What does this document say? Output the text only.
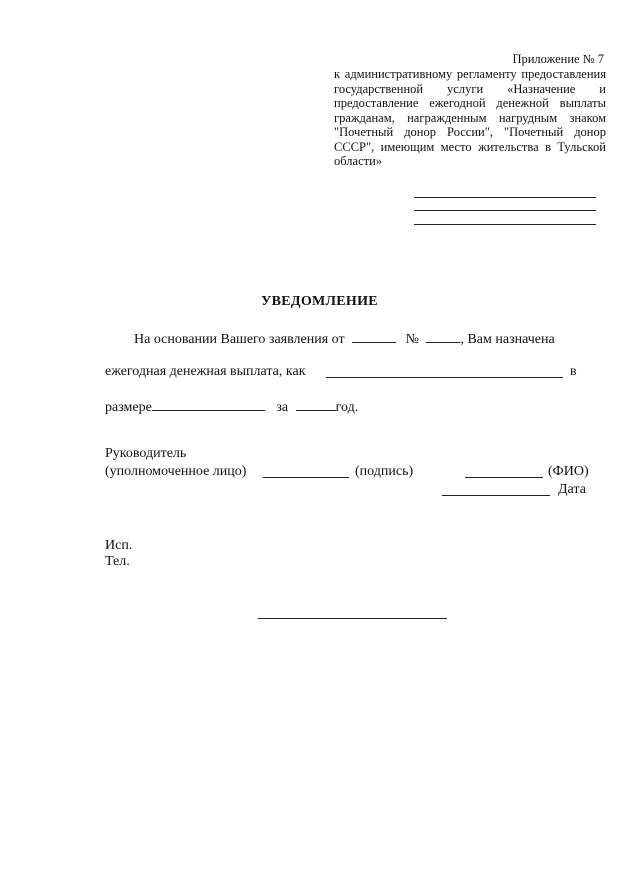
Приложение № 7
к административному регламенту предоставления
государственной услуги «Назначение и
предоставление ежегодной денежной выплаты
гражданам, награжденным нагрудным знаком
"Почетный донор России", "Почетный донор
СССР", имеющим место жительства в Тульской
области»
УВЕДОМЛЕНИЕ
На основании Вашего заявления от	№	, Вам назначена
ежегодная денежная выплата, как	в
размере	за	год.
Руководитель
(уполномоченное лицо)	(подпись)	(ФИО)
Дата
Исп.
Тел.
